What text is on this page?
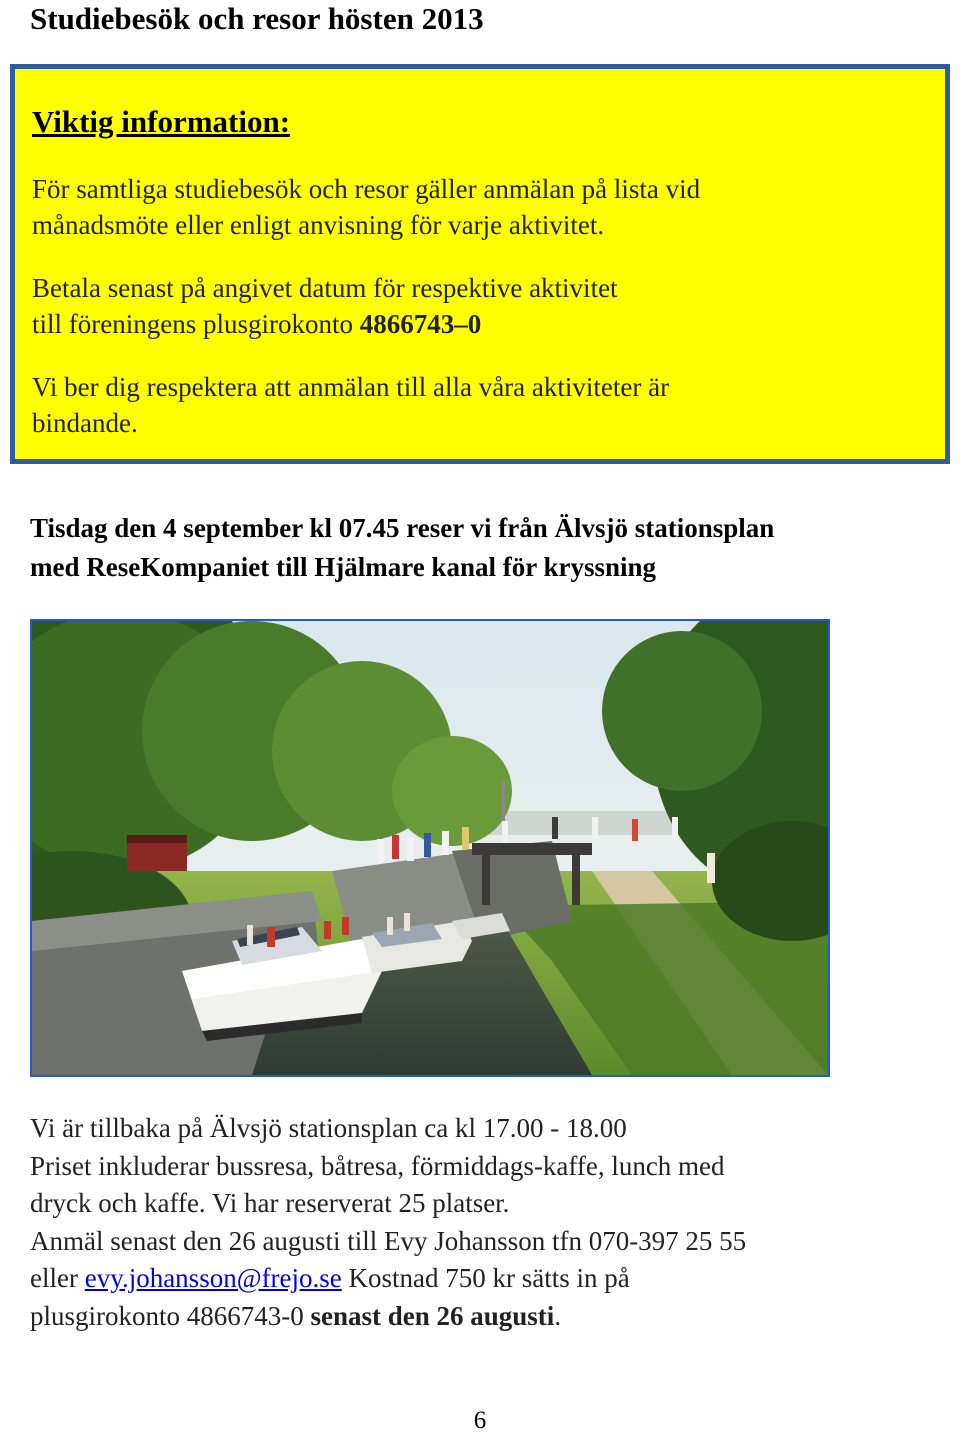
Studiebesök och resor hösten 2013
Viktig information:
För samtliga studiebesök och resor gäller anmälan på lista vid
månadsmöte eller enligt anvisning för varje aktivitet.
Betala senast på angivet datum för respektive aktivitet
till föreningens plusgirokonto 4866743–0
Vi ber dig respektera att anmälan till alla våra aktiviteter är
bindande.
Tisdag den 4 september kl 07.45 reser vi från Älvsjö stationsplan
med ReseKompaniet till Hjälmare kanal för kryssning

Vi är tillbaka på Älvsjö stationsplan ca kl 17.00 - 18.00

Priset inkluderar bussresa, båtresa, förmiddags-kaffe, lunch med

dryck och kaffe. Vi har reserverat 25 platser.

Anmäl senast den 26 augusti till Evy Johansson tfn 070-397 25 55

eller evy.johansson@frejo.se Kostnad 750 kr sätts in på

plusgirokonto 4866743-0 senast den 26 augusti.

6
